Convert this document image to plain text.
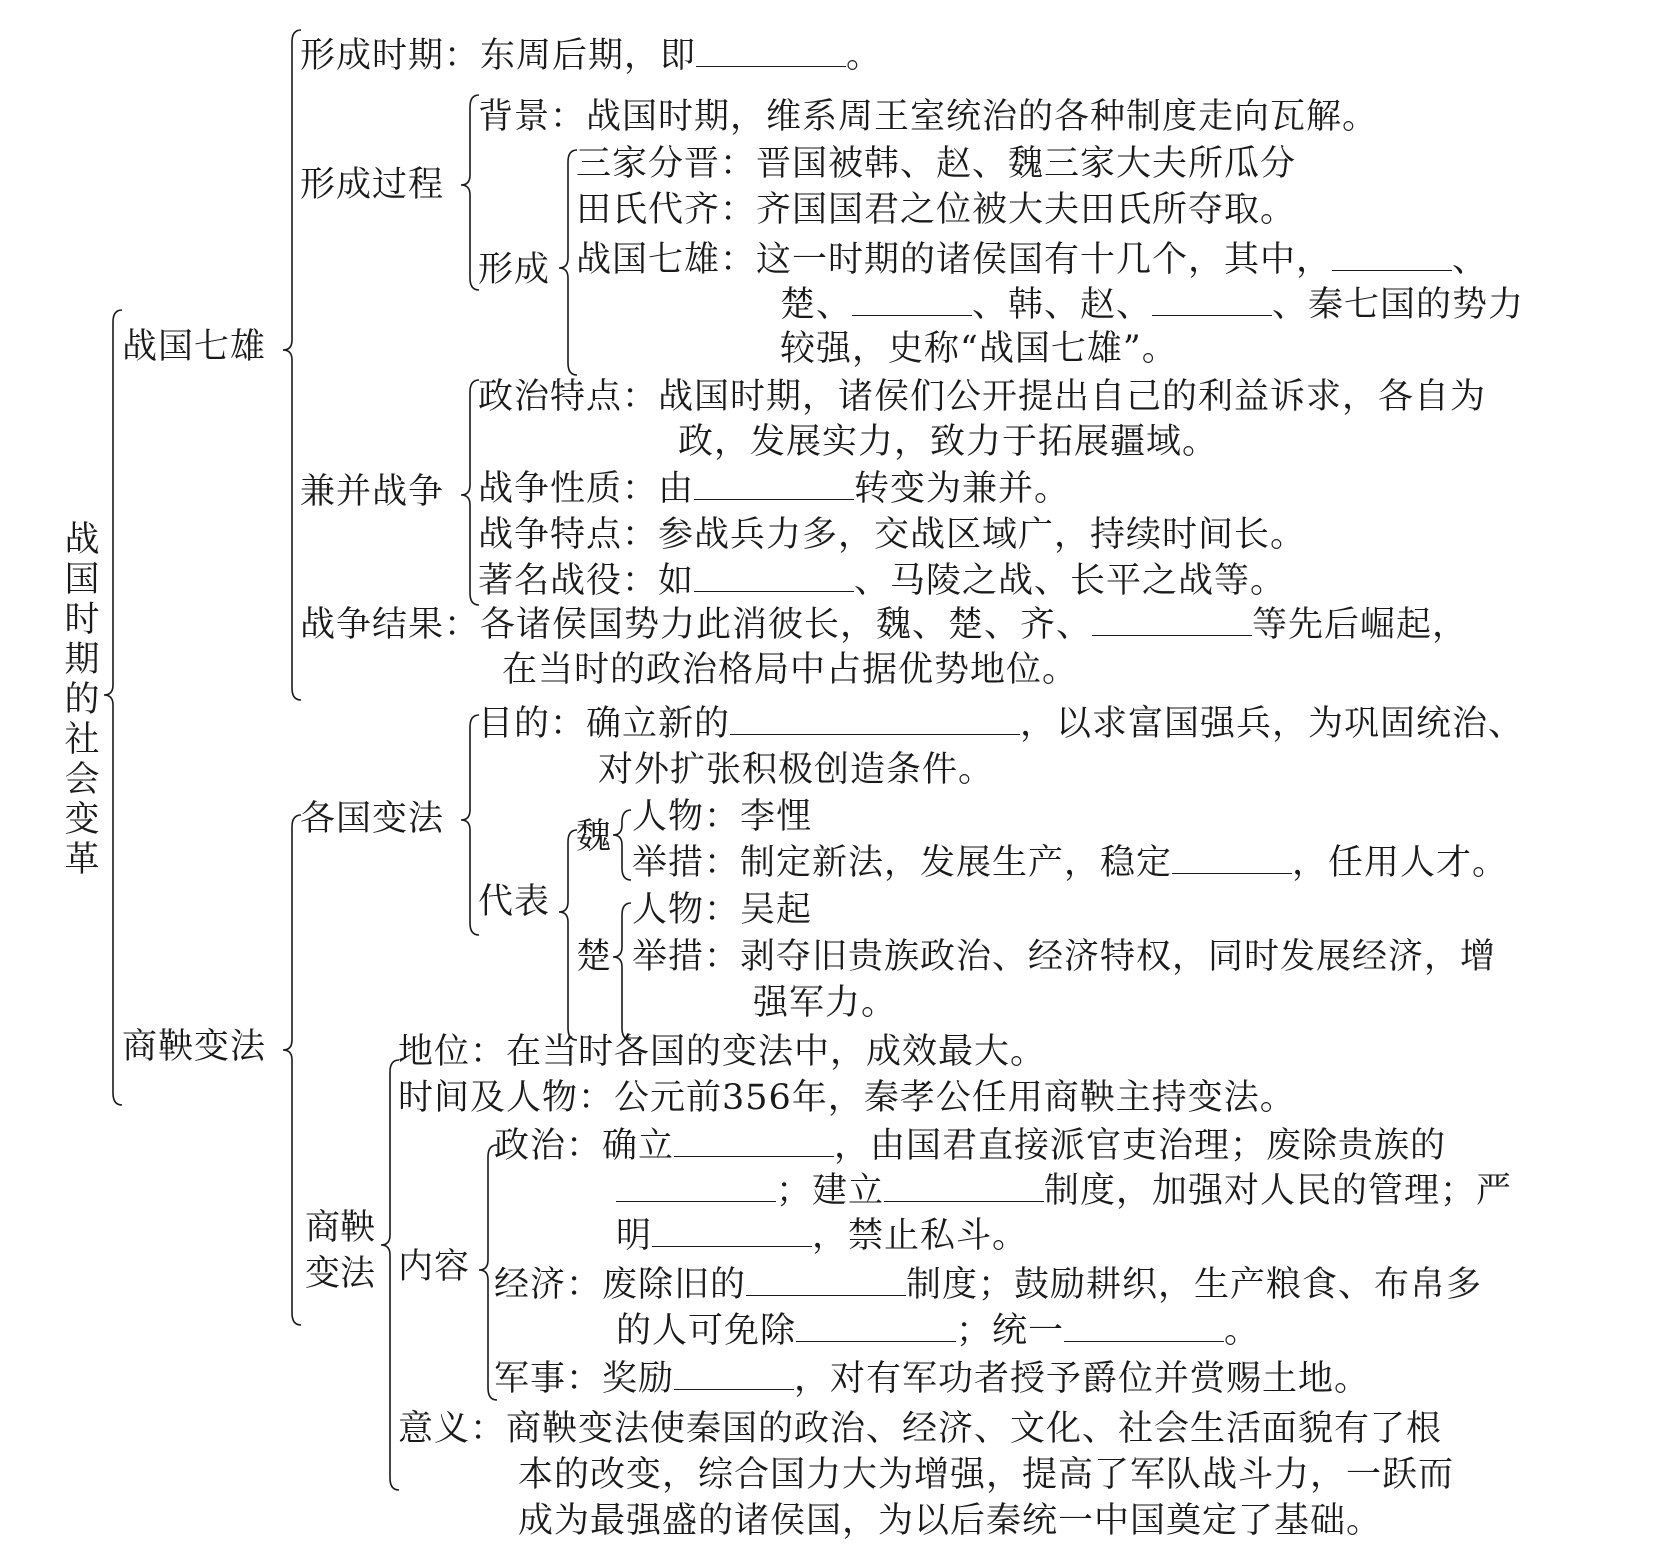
战国时期的社会变革
战国七雄
商鞅变法
形成时期：东周后期，即	。
形成过程
背景：战国时期，维系周王室统治的各种制度走向瓦解。
形成
三家分晋：晋国被韩、赵、魏三家大夫所瓜分
田氏代齐：齐国国君之位被大夫田氏所夺取。
战国七雄：这一时期的诸侯国有十几个，其中，	、
楚、	、韩、赵、	、秦七国的势力
较强，史称“战国七雄”。
兼并战争
政治特点：战国时期，诸侯们公开提出自己的利益诉求，各自为
政，发展实力，致力于拓展疆域。
战争性质：由	转变为兼并。
战争特点：参战兵力多，交战区域广，持续时间长。
著名战役：如	、马陵之战、长平之战等。
战争结果：各诸侯国势力此消彼长，魏、楚、齐、	等先后崛起，
在当时的政治格局中占据优势地位。
各国变法
目的：确立新的	，以求富国强兵，为巩固统治、
对外扩张积极创造条件。
代表
魏 人物：李悝
举措：制定新法，发展生产，稳定	，任用人才。
楚
人物：吴起
举措：剥夺旧贵族政治、经济特权，同时发展经济，增
强军力。
商鞅变法
地位：在当时各国的变法中，成效最大。
时间及人物：公元前356年，秦孝公任用商鞅主持变法。
内容
政治：确立	，由国君直接派官吏治理；废除贵族的
；建立	制度，加强对人民的管理；严
明	，禁止私斗。
经济：废除旧的	制度；鼓励耕织，生产粮食、布帛多
的人可免除	；统一	。
军事：奖励	，对有军功者授予爵位并赏赐土地。
意义：商鞅变法使秦国的政治、经济、文化、社会生活面貌有了根
本的改变，综合国力大为增强，提高了军队战斗力，一跃而
成为最强盛的诸侯国，为以后秦统一中国奠定了基础。
